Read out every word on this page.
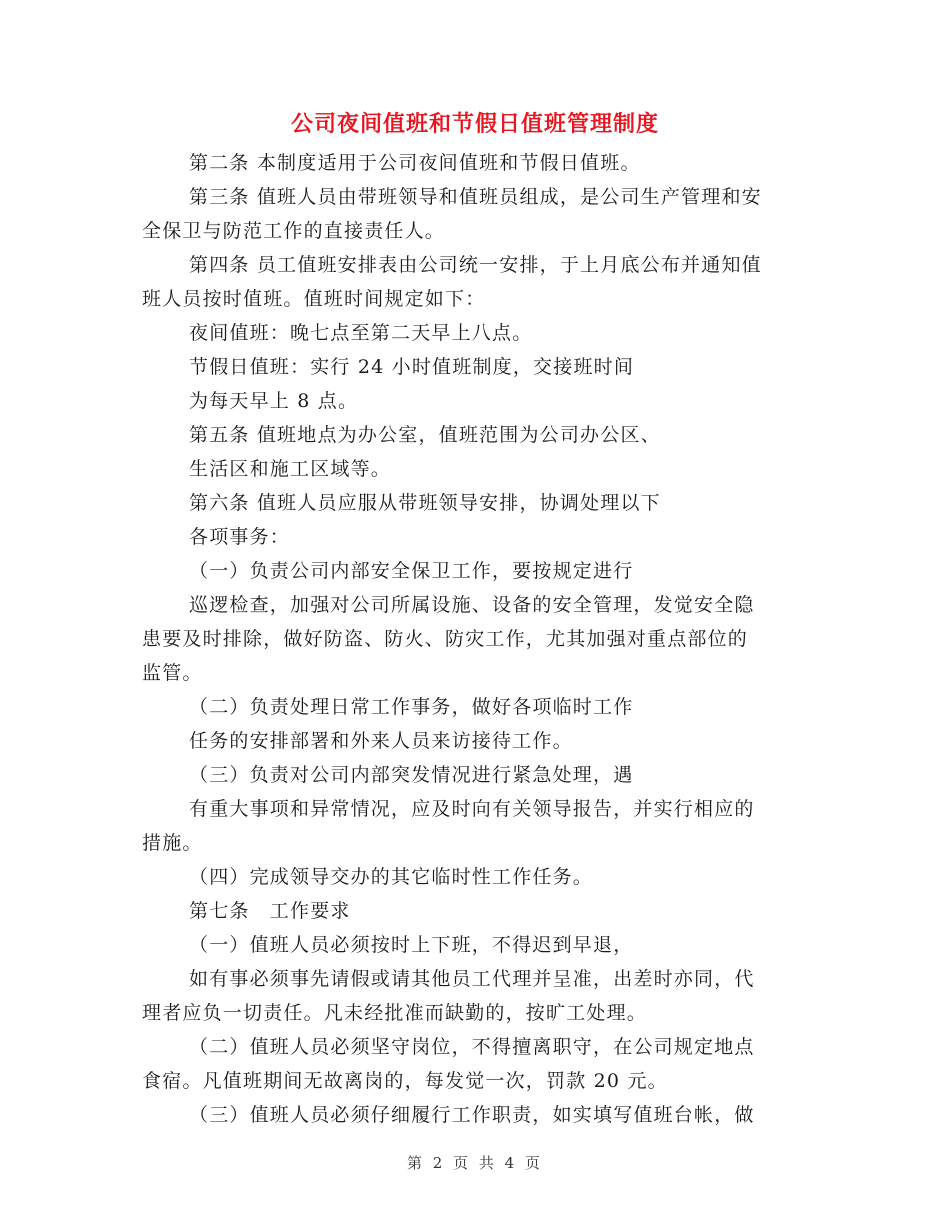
公司夜间值班和节假日值班管理制度
第二条 本制度适用于公司夜间值班和节假日值班。
第三条 值班人员由带班领导和值班员组成，是公司生产管理和安
全保卫与防范工作的直接责任人。
第四条 员工值班安排表由公司统一安排，于上月底公布并通知值
班人员按时值班。值班时间规定如下：
夜间值班：晚七点至第二天早上八点。
节假日值班：实行 24 小时值班制度，交接班时间
为每天早上 8 点。
第五条 值班地点为办公室，值班范围为公司办公区、
生活区和施工区域等。
第六条 值班人员应服从带班领导安排，协调处理以下
各项事务：
（一）负责公司内部安全保卫工作，要按规定进行
巡逻检查，加强对公司所属设施、设备的安全管理，发觉安全隐
患要及时排除，做好防盗、防火、防灾工作，尤其加强对重点部位的
监管。
（二）负责处理日常工作事务，做好各项临时工作
任务的安排部署和外来人员来访接待工作。
（三）负责对公司内部突发情况进行紧急处理，遇
有重大事项和异常情况，应及时向有关领导报告，并实行相应的
措施。
（四）完成领导交办的其它临时性工作任务。
第七条　工作要求
（一）值班人员必须按时上下班，不得迟到早退，
如有事必须事先请假或请其他员工代理并呈准，出差时亦同，代
理者应负一切责任。凡未经批准而缺勤的，按旷工处理。
（二）值班人员必须坚守岗位，不得擅离职守，在公司规定地点
食宿。凡值班期间无故离岗的，每发觉一次，罚款 20 元。
（三）值班人员必须仔细履行工作职责，如实填写值班台帐，做
第 2 页 共 4 页
